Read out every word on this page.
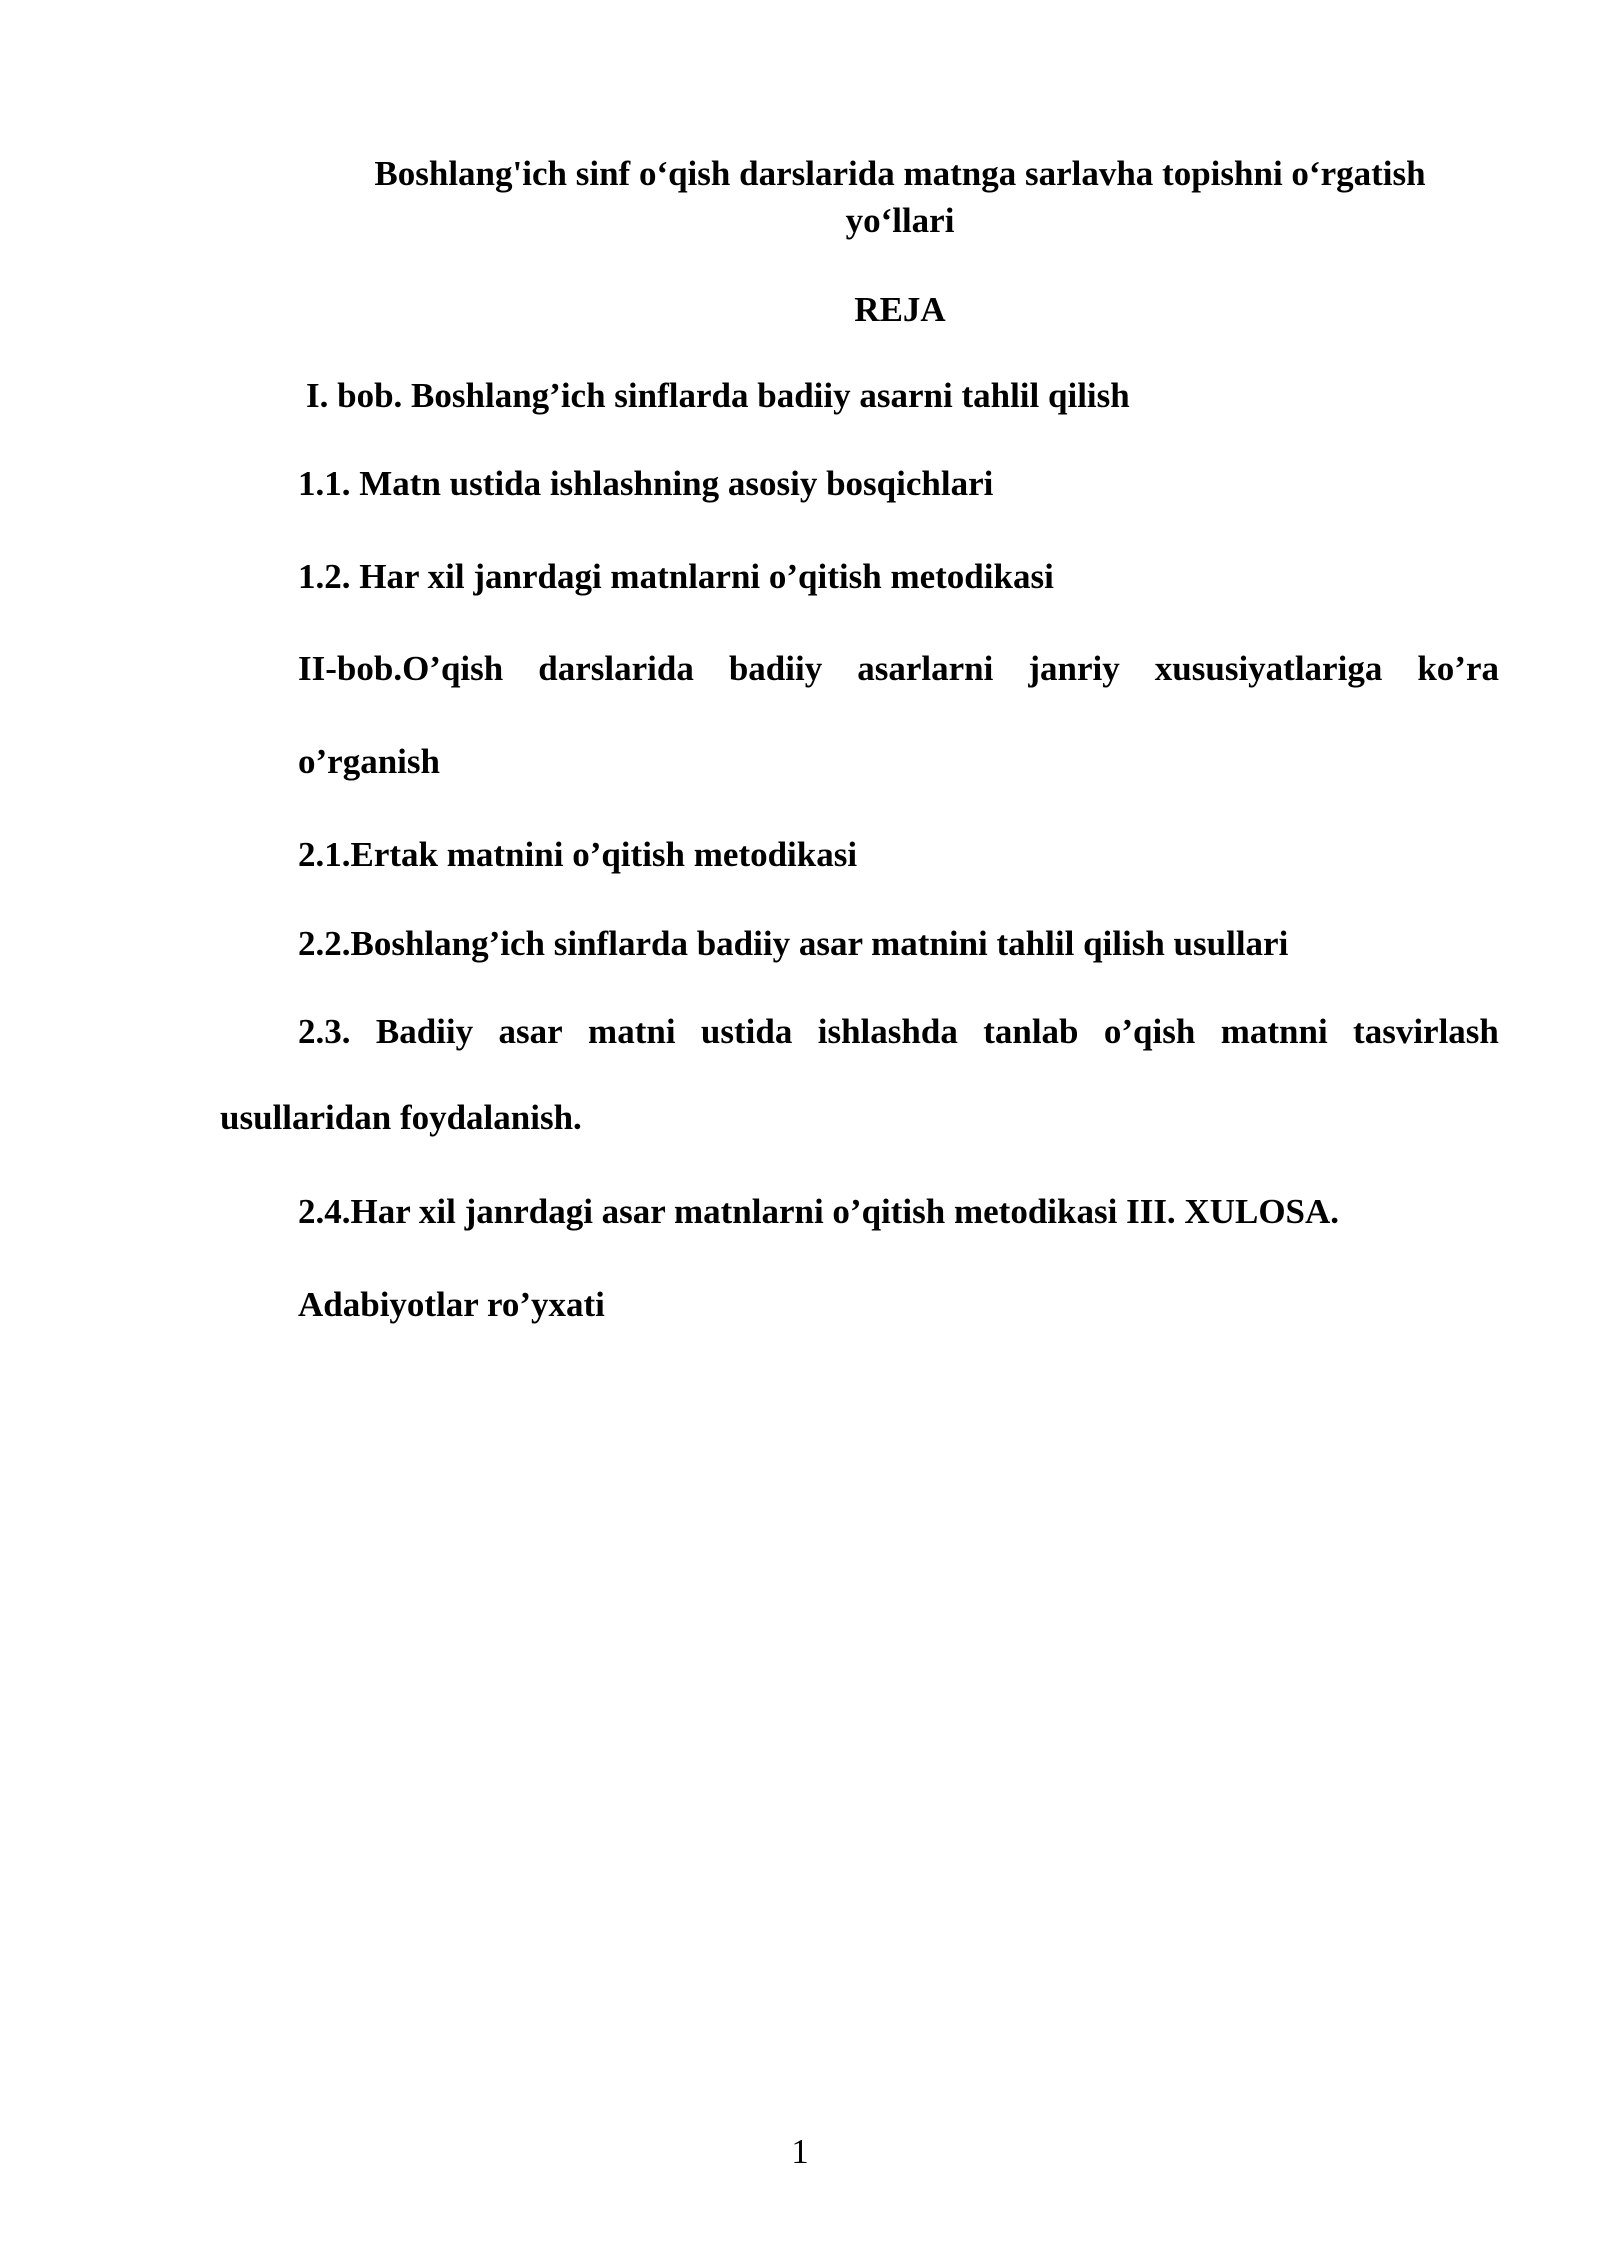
Boshlang'ich sinf o‘qish darslarida matnga sarlavha topishni o‘rgatish
yo‘llari
REJA
I. bob. Boshlang’ich sinflarda badiiy asarni tahlil qilish
1.1. Matn ustida ishlashning asosiy bosqichlari
1.2. Har xil janrdagi matnlarni o’qitish metodikasi
II-bob.O’qish darslarida badiiy asarlarni janriy xususiyatlariga ko’ra
o’rganish
2.1.Ertak matnini o’qitish metodikasi
2.2.Boshlang’ich sinflarda badiiy asar matnini tahlil qilish usullari
2.3. Badiiy asar matni ustida ishlashda tanlab o’qish matnni tasvirlash
usullaridan foydalanish.
2.4.Har xil janrdagi asar matnlarni o’qitish metodikasi III. XULOSA.
Adabiyotlar ro’yxati
1
